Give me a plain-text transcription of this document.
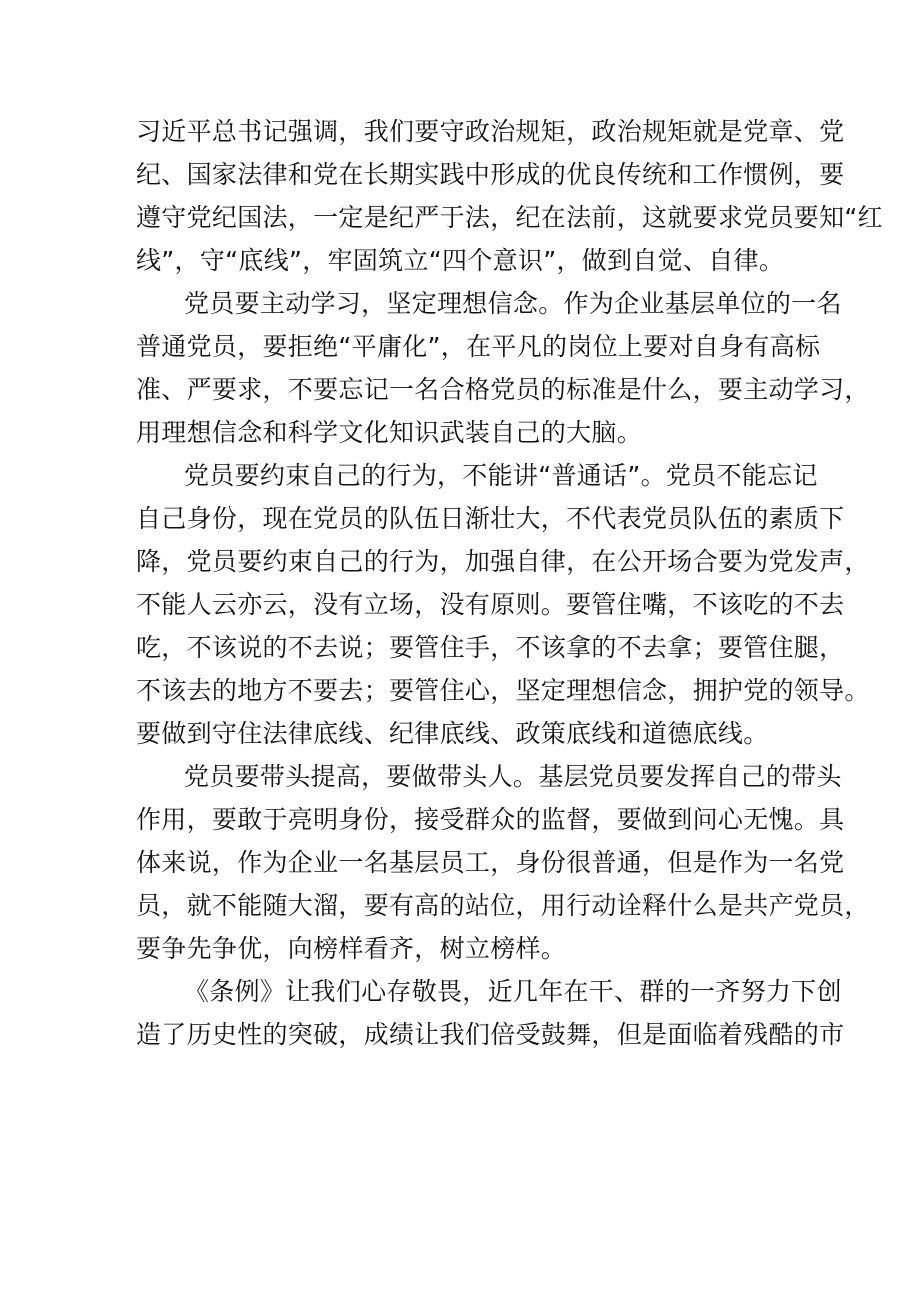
习近平总书记强调，我们要守政治规矩，政治规矩就是党章、党
纪、国家法律和党在长期实践中形成的优良传统和工作惯例，要
遵守党纪国法，一定是纪严于法，纪在法前，这就要求党员要知“红
线”，守“底线”，牢固筑立“四个意识”，做到自觉、自律。
党员要主动学习，坚定理想信念。作为企业基层单位的一名
普通党员，要拒绝“平庸化”，在平凡的岗位上要对自身有高标
准、严要求，不要忘记一名合格党员的标准是什么，要主动学习，
用理想信念和科学文化知识武装自己的大脑。
党员要约束自己的行为，不能讲“普通话”。党员不能忘记
自己身份，现在党员的队伍日渐壮大，不代表党员队伍的素质下
降，党员要约束自己的行为，加强自律，在公开场合要为党发声，
不能人云亦云，没有立场，没有原则。要管住嘴，不该吃的不去
吃，不该说的不去说；要管住手，不该拿的不去拿；要管住腿，
不该去的地方不要去；要管住心，坚定理想信念，拥护党的领导。
要做到守住法律底线、纪律底线、政策底线和道德底线。
党员要带头提高，要做带头人。基层党员要发挥自己的带头
作用，要敢于亮明身份，接受群众的监督，要做到问心无愧。具
体来说，作为企业一名基层员工，身份很普通，但是作为一名党
员，就不能随大溜，要有高的站位，用行动诠释什么是共产党员，
要争先争优，向榜样看齐，树立榜样。
《条例》让我们心存敬畏，近几年在干、群的一齐努力下创
造了历史性的突破，成绩让我们倍受鼓舞，但是面临着残酷的市
